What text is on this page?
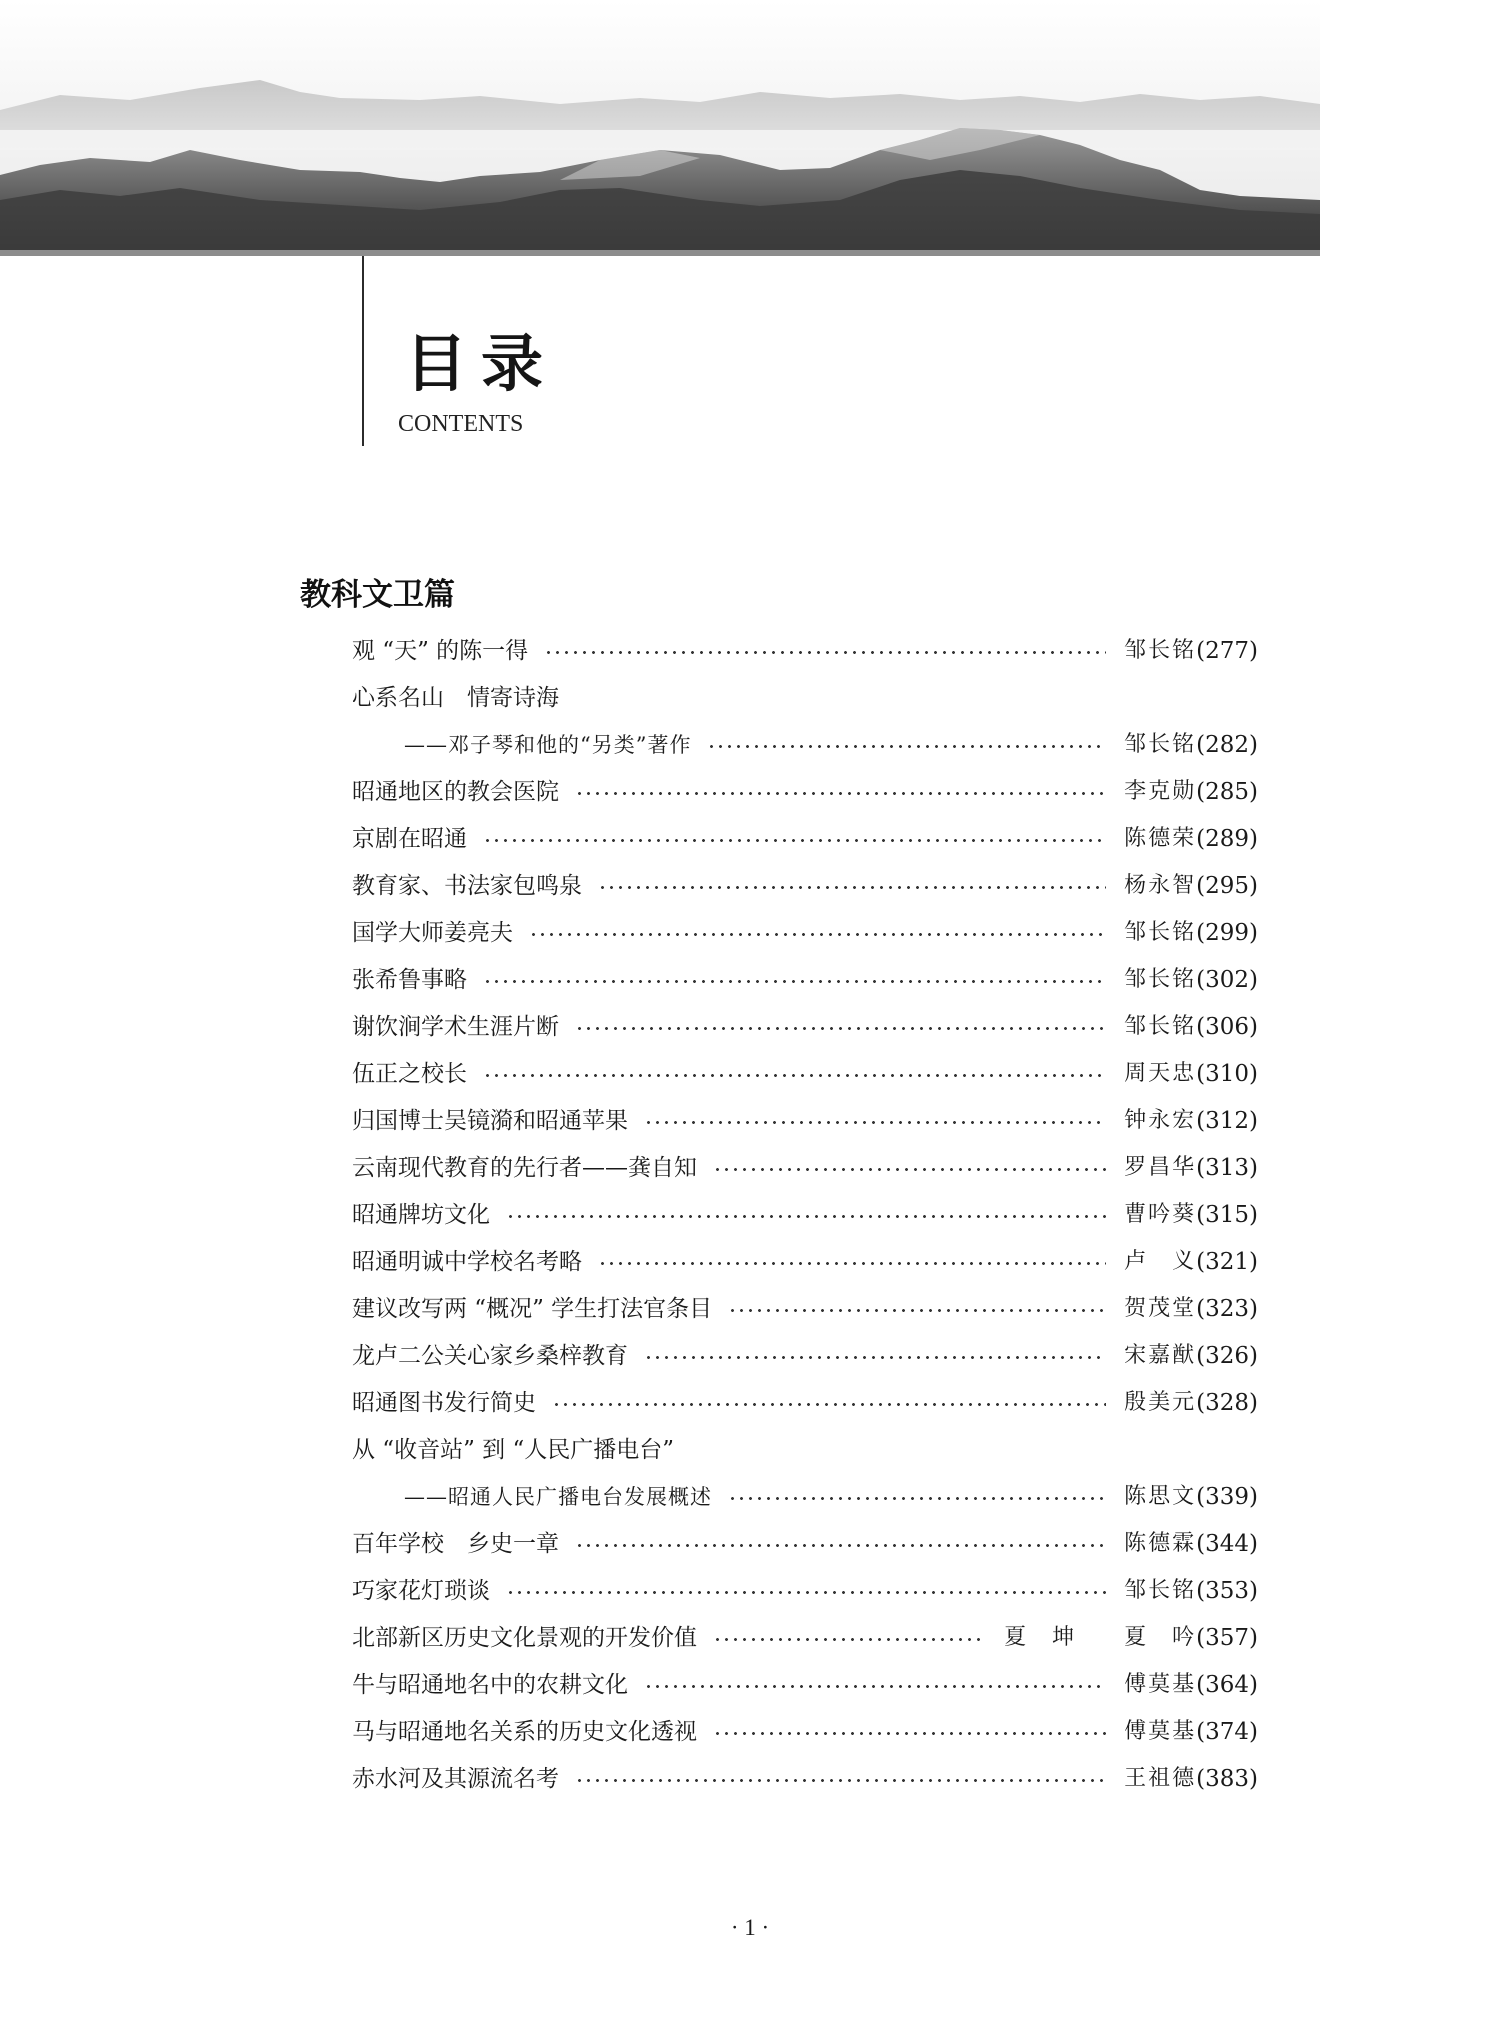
目录
CONTENTS
教科文卫篇
观 “天” 的陈一得	邹长铭 (277)
心系名山　情寄诗海
——邓子琴和他的“另类”著作	邹长铭 (282)
昭通地区的教会医院	李克勋 (285)
京剧在昭通	陈德荣 (289)
教育家、书法家包鸣泉	杨永智 (295)
国学大师姜亮夫	邹长铭 (299)
张希鲁事略	邹长铭 (302)
谢饮涧学术生涯片断	邹长铭 (306)
伍正之校长	周天忠 (310)
归国博士吴镜漪和昭通苹果	钟永宏 (312)
云南现代教育的先行者——龚自知	罗昌华 (313)
昭通牌坊文化	曹吟葵 (315)
昭通明诚中学校名考略	卢　义 (321)
建议改写两 “概况” 学生打法官条目	贺茂堂 (323)
龙卢二公关心家乡桑梓教育	宋嘉猷 (326)
昭通图书发行简史	殷美元 (328)
从 “收音站” 到 “人民广播电台”
——昭通人民广播电台发展概述	陈思文 (339)
百年学校　乡史一章	陈德霖 (344)
巧家花灯琐谈	邹长铭 (353)
北部新区历史文化景观的开发价值	夏　坤　　夏　吟 (357)
牛与昭通地名中的农耕文化	傅莫基 (364)
马与昭通地名关系的历史文化透视	傅莫基 (374)
赤水河及其源流名考	王祖德 (383)
· 1 ·
